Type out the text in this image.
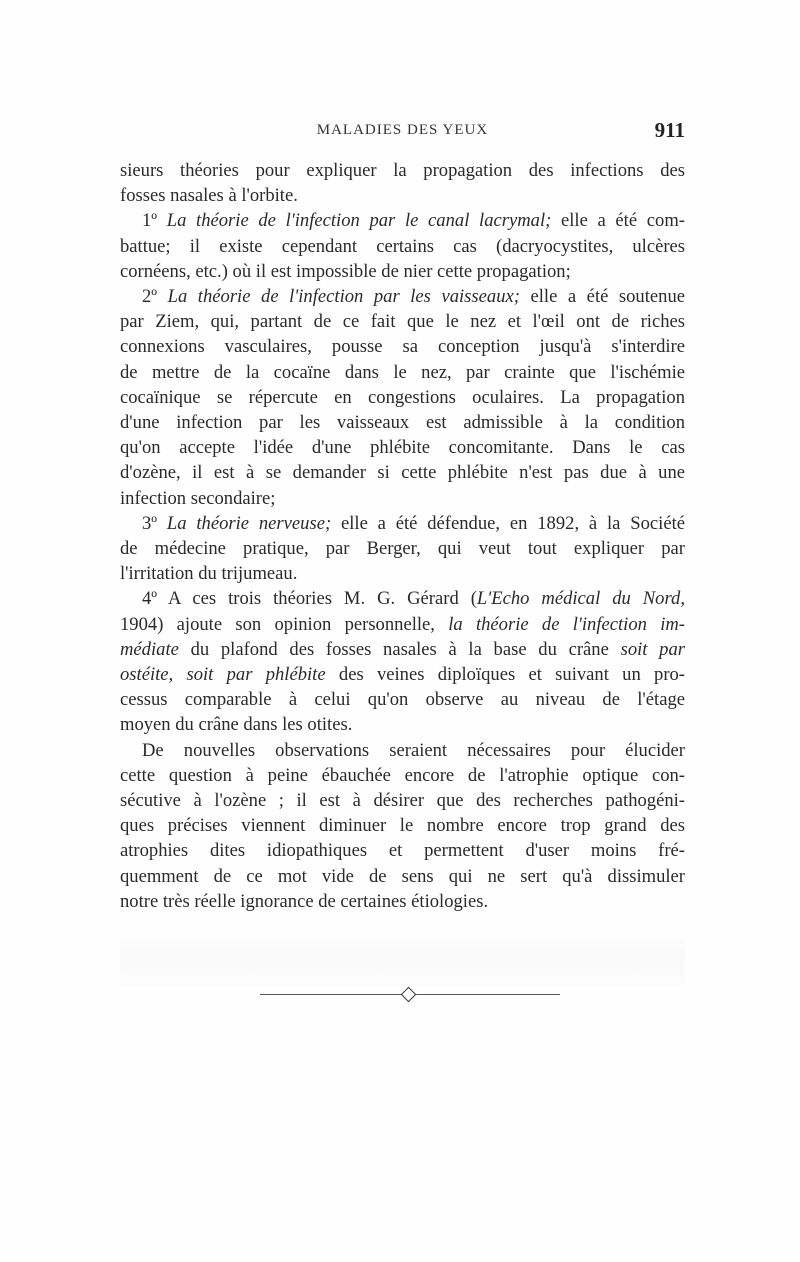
MALADIES DES YEUX	911

sieurs théories pour expliquer la propagation des infections des
fosses nasales à l'orbite.

1º La théorie de l'infection par le canal lacrymal; elle a été com-
battue; il existe cependant certains cas (dacryocystites, ulcères
cornéens, etc.) où il est impossible de nier cette propagation;

2º La théorie de l'infection par les vaisseaux; elle a été soutenue
par Ziem, qui, partant de ce fait que le nez et l'œil ont de riches
connexions vasculaires, pousse sa conception jusqu'à s'interdire
de mettre de la cocaïne dans le nez, par crainte que l'ischémie
cocaïnique se répercute en congestions oculaires. La propagation
d'une infection par les vaisseaux est admissible à la condition
qu'on accepte l'idée d'une phlébite concomitante. Dans le cas
d'ozène, il est à se demander si cette phlébite n'est pas due à une
infection secondaire;

3º La théorie nerveuse; elle a été défendue, en 1892, à la Société
de médecine pratique, par Berger, qui veut tout expliquer par
l'irritation du trijumeau.

4º A ces trois théories M. G. Gérard (L'Echo médical du Nord,
1904) ajoute son opinion personnelle, la théorie de l'infection im-
médiate du plafond des fosses nasales à la base du crâne soit par
ostéite, soit par phlébite des veines diploïques et suivant un pro-
cessus comparable à celui qu'on observe au niveau de l'étage
moyen du crâne dans les otites.

De nouvelles observations seraient nécessaires pour élucider
cette question à peine ébauchée encore de l'atrophie optique con-
sécutive à l'ozène ; il est à désirer que des recherches pathogéni-
ques précises viennent diminuer le nombre encore trop grand des
atrophies dites idiopathiques et permettent d'user moins fré-
quemment de ce mot vide de sens qui ne sert qu'à dissimuler
notre très réelle ignorance de certaines étiologies.
